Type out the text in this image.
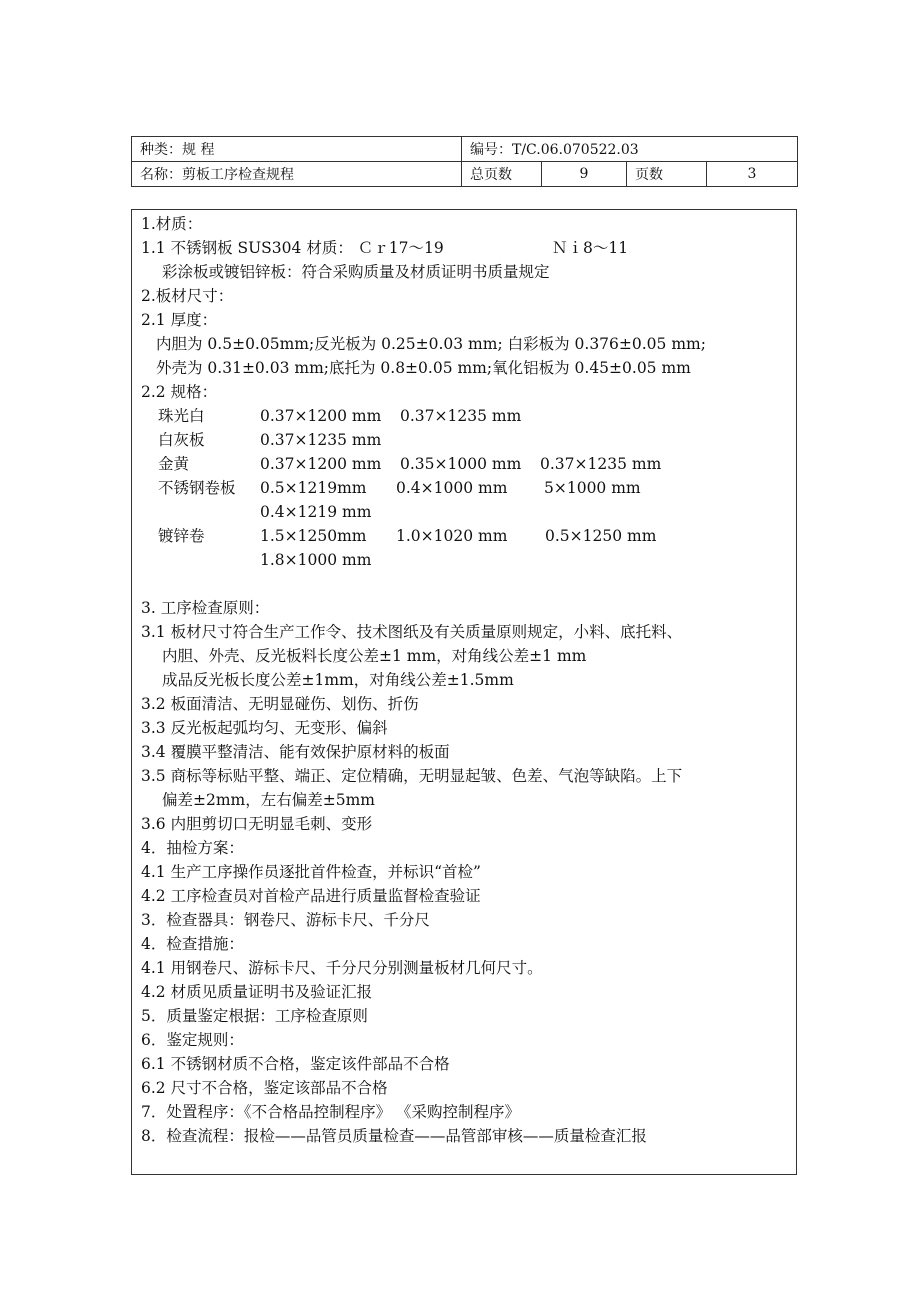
种类：规 程	编号：T/C.06.070522.03			
名称：剪板工序检查规程	总页数	9	页数	3
1.材质：
1.1 不锈钢板 SUS304 材质： Ｃｒ17～19	Ｎｉ8～11
彩涂板或镀铝锌板：符合采购质量及材质证明书质量规定
2.板材尺寸：
2.1 厚度：
内胆为 0.5±0.05mm;反光板为 0.25±0.03 mm; 白彩板为 0.376±0.05 mm;
外壳为 0.31±0.03 mm;底托为 0.8±0.05 mm;氧化铝板为 0.45±0.05 mm
2.2 规格：
珠光白	0.37×1200 mm 0.37×1235 mm
白灰板	0.37×1235 mm
金黄	0.37×1200 mm 0.35×1000 mm 0.37×1235 mm
不锈钢卷板 0.5×1219mm 0.4×1000 mm 5×1000 mm
0.4×1219 mm
镀锌卷	1.5×1250mm 1.0×1020 mm 0.5×1250 mm
1.8×1000 mm
3. 工序检查原则：
3.1 板材尺寸符合生产工作令、技术图纸及有关质量原则规定，小料、底托料、
内胆、外壳、反光板料长度公差±1 mm，对角线公差±1 mm
成品反光板长度公差±1mm，对角线公差±1.5mm
3.2 板面清洁、无明显碰伤、划伤、折伤
3.3 反光板起弧均匀、无变形、偏斜
3.4 覆膜平整清洁、能有效保护原材料的板面
3.5 商标等标贴平整、端正、定位精确，无明显起皱、色差、气泡等缺陷。上下
偏差±2mm，左右偏差±5mm
3.6 内胆剪切口无明显毛刺、变形
4．抽检方案：
4.1 生产工序操作员逐批首件检查，并标识“首检”
4.2 工序检查员对首检产品进行质量监督检查验证
3．检查器具：钢卷尺、游标卡尺、千分尺
4．检查措施：
4.1 用钢卷尺、游标卡尺、千分尺分别测量板材几何尺寸。
4.2 材质见质量证明书及验证汇报
5．质量鉴定根据：工序检查原则
6．鉴定规则：
6.1 不锈钢材质不合格，鉴定该件部品不合格
6.2 尺寸不合格，鉴定该部品不合格
7．处置程序：《不合格品控制程序》 《采购控制程序》
8．检查流程：报检——品管员质量检查——品管部审核——质量检查汇报
